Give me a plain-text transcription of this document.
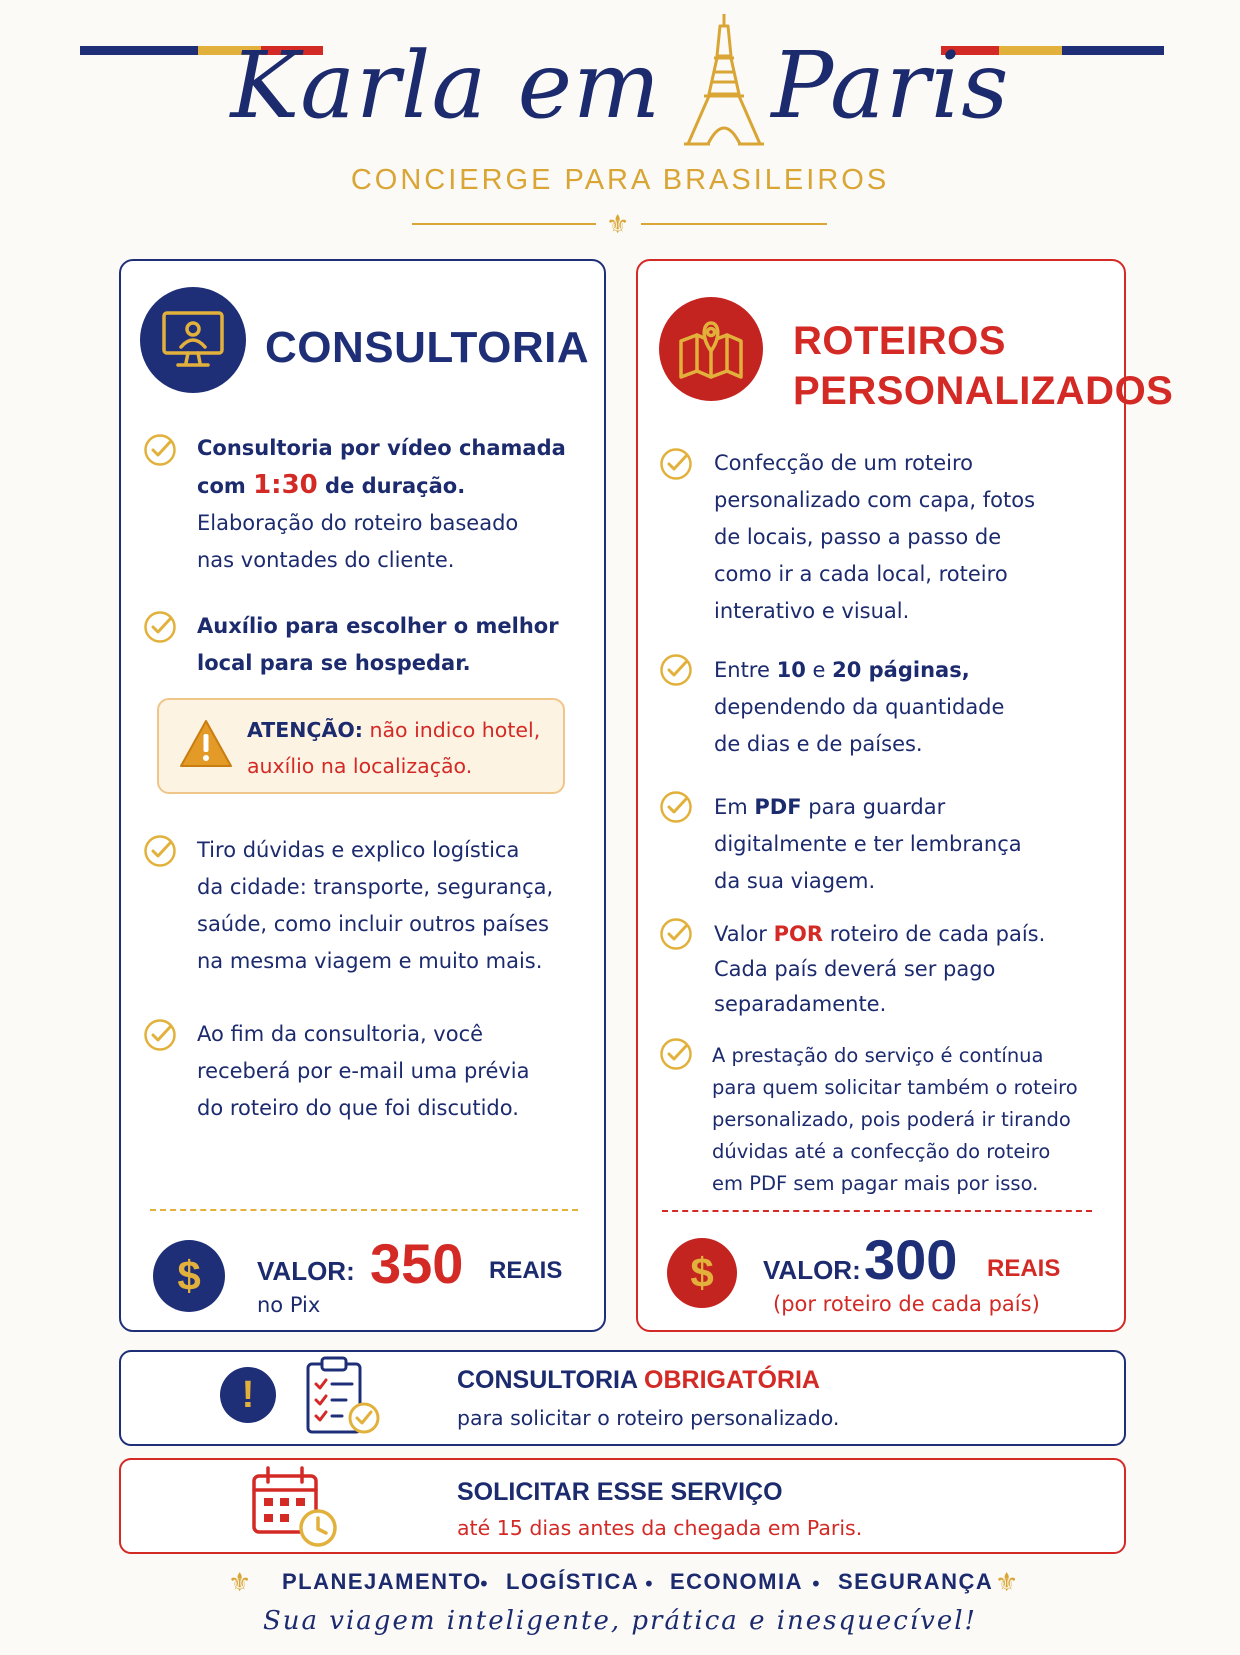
Karla em Paris
CONCIERGE PARA BRASILEIROS
⚜
CONSULTORIA
Consultoria por vídeo chamada
com 1:30 de duração.
Elaboração do roteiro baseado
nas vontades do cliente.
Auxílio para escolher o melhor
local para se hospedar.
ATENÇÃO: não indico hotel,
auxílio na localização.
Tiro dúvidas e explico logística
da cidade: transporte, segurança,
saúde, como incluir outros países
na mesma viagem e muito mais.
Ao fim da consultoria, você
receberá por e-mail uma prévia
do roteiro do que foi discutido.
$	VALOR: 350 REAIS
no Pix
ROTEIROS
PERSONALIZADOS
Confecção de um roteiro
personalizado com capa, fotos
de locais, passo a passo de
como ir a cada local, roteiro
interativo e visual.
Entre 10 e 20 páginas,
dependendo da quantidade
de dias e de países.
Em PDF para guardar
digitalmente e ter lembrança
da sua viagem.
Valor POR roteiro de cada país.
Cada país deverá ser pago
separadamente.
A prestação do serviço é contínua
para quem solicitar também o roteiro
personalizado, pois poderá ir tirando
dúvidas até a confecção do roteiro
em PDF sem pagar mais por isso.
$	VALOR: 300 REAIS
(por roteiro de cada país)
!	CONSULTORIA OBRIGATÓRIA
para solicitar o roteiro personalizado.
SOLICITAR ESSE SERVIÇO
até 15 dias antes da chegada em Paris.
⚜ PLANEJAMENTO
• LOGÍSTICA • ECONOMIA • SEGURANÇA ⚜
Sua viagem inteligente, prática e inesquecível!
